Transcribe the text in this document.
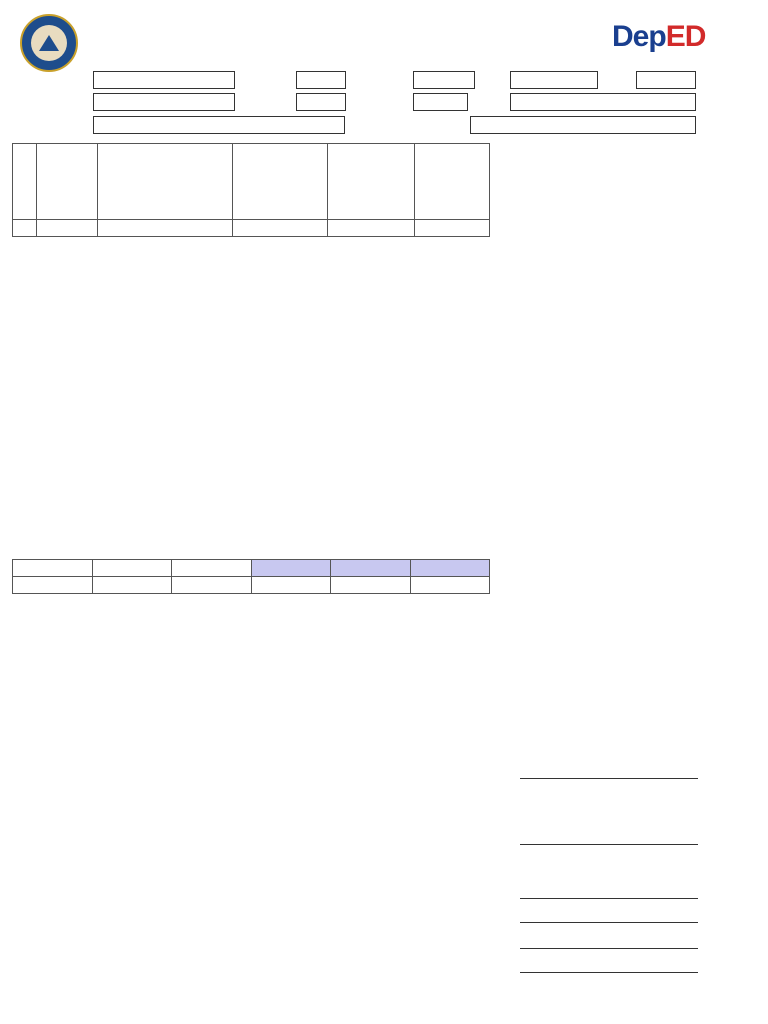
DepED
